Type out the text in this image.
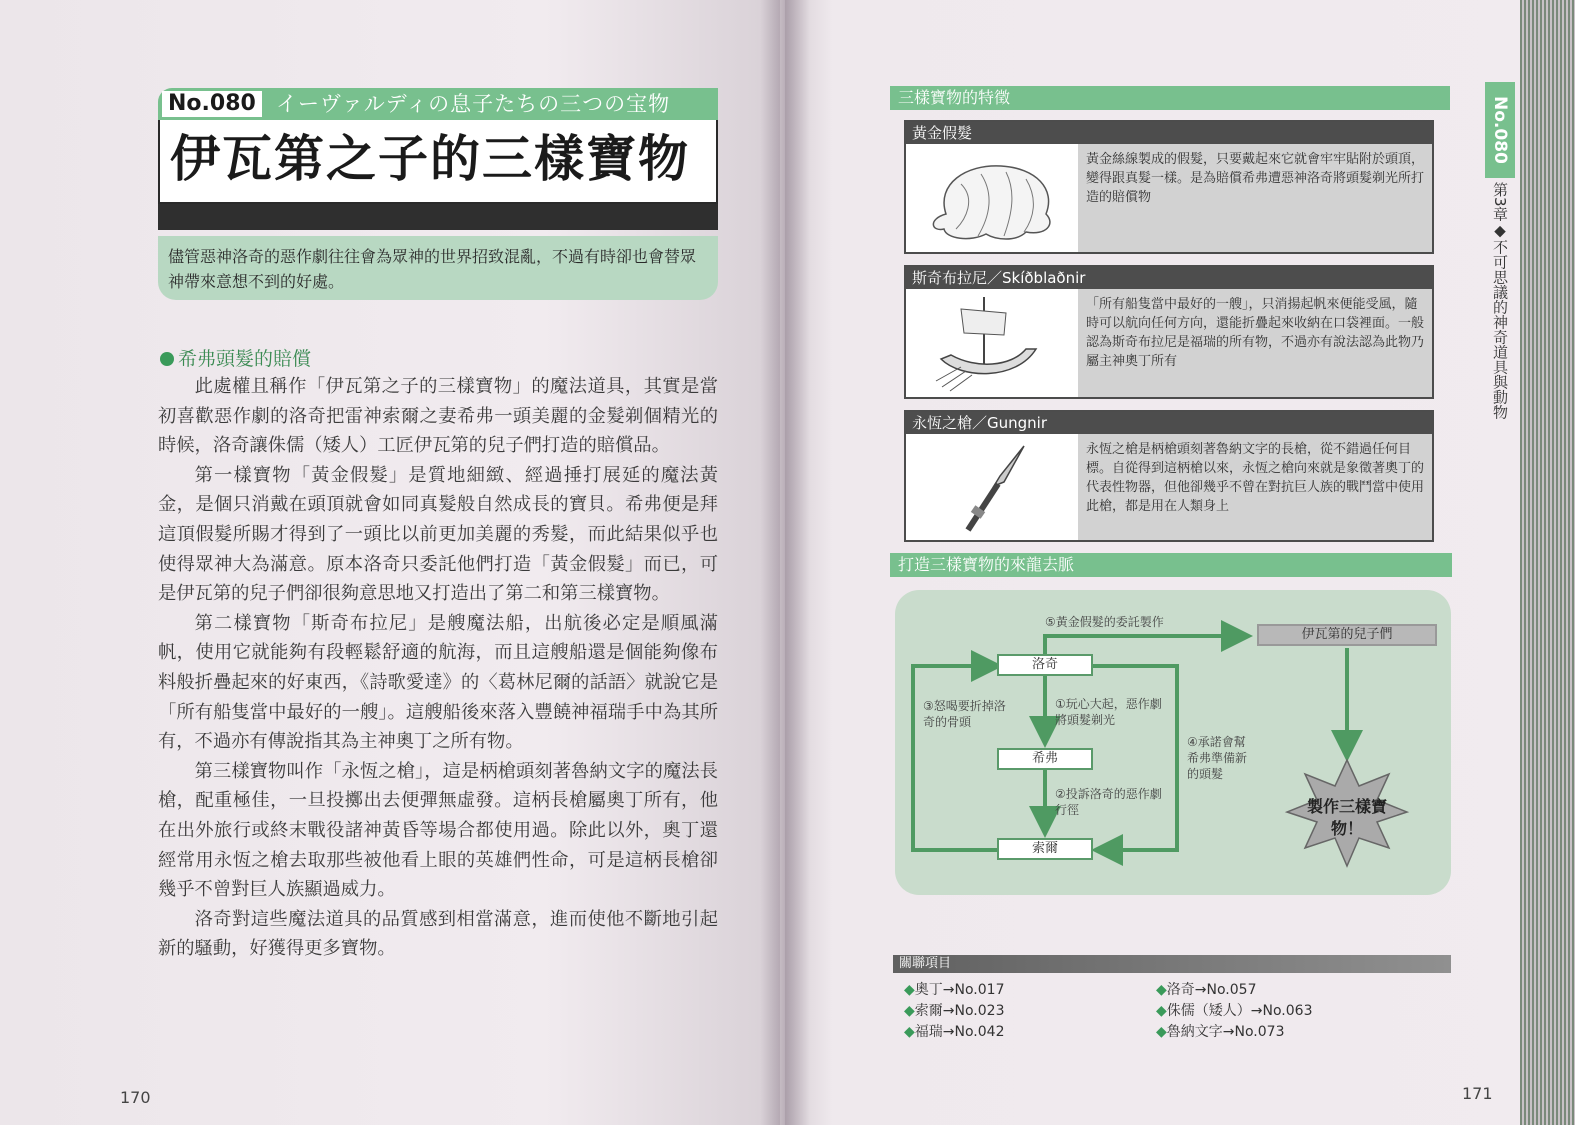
No.080 イーヴァルディの息子たちの三つの宝物
伊瓦第之子的三樣寶物

儘管惡神洛奇的惡作劇往往會為眾神的世界招致混亂，不過有時卻也會替眾神帶來意想不到的好處。

希弗頭髮的賠償

此處權且稱作「伊瓦第之子的三樣寶物」的魔法道具，其實是當初喜歡惡作劇的洛奇把雷神索爾之妻希弗一頭美麗的金髮剃個精光的時候，洛奇讓侏儒（矮人）工匠伊瓦第的兒子們打造的賠償品。

第一樣寶物「黃金假髮」是質地細緻、經過捶打展延的魔法黃金，是個只消戴在頭頂就會如同真髮般自然成長的寶貝。希弗便是拜這頂假髮所賜才得到了一頭比以前更加美麗的秀髮，而此結果似乎也使得眾神大為滿意。原本洛奇只委託他們打造「黃金假髮」而已，可是伊瓦第的兒子們卻很夠意思地又打造出了第二和第三樣寶物。

第二樣寶物「斯奇布拉尼」是艘魔法船，出航後必定是順風滿帆，使用它就能夠有段輕鬆舒適的航海，而且這艘船還是個能夠像布料般折疊起來的好東西，《詩歌愛達》的〈葛林尼爾的話語〉就說它是「所有船隻當中最好的一艘」。這艘船後來落入豐饒神福瑞手中為其所有，不過亦有傳說指其為主神奧丁之所有物。

第三樣寶物叫作「永恆之槍」，這是柄槍頭刻著魯納文字的魔法長槍，配重極佳，一旦投擲出去便彈無虛發。這柄長槍屬奧丁所有，他在出外旅行或終末戰役諸神黃昏等場合都使用過。除此以外，奧丁還經常用永恆之槍去取那些被他看上眼的英雄們性命，可是這柄長槍卻幾乎不曾對巨人族顯過威力。

洛奇對這些魔法道具的品質感到相當滿意，進而使他不斷地引起新的騷動，好獲得更多寶物。

170
三樣寶物的特徵
黃金假髮
黃金絲線製成的假髮，只要戴起來它就會牢牢貼附於頭頂，變得跟真髮一樣。是為賠償希弗遭惡神洛奇將頭髮剃光所打造的賠償物
斯奇布拉尼／Skíðblaðnir
「所有船隻當中最好的一艘」，只消揚起帆來便能受風，隨時可以航向任何方向，還能折疊起來收納在口袋裡面。一般認為斯奇布拉尼是福瑞的所有物，不過亦有說法認為此物乃屬主神奧丁所有
永恆之槍／Gungnir
永恆之槍是柄槍頭刻著魯納文字的長槍，從不錯過任何目標。自從得到這柄槍以來，永恆之槍向來就是象徵著奧丁的代表性物器，但他卻幾乎不曾在對抗巨人族的戰鬥當中使用此槍，都是用在人類身上
打造三樣寶物的來龍去脈
洛奇
希弗
索爾
伊瓦第的兒子們
①玩心大起，惡作劇將頭髮剃光
②投訴洛奇的惡作劇行徑
③怒喝要折掉洛奇的骨頭
④承諾會幫希弗準備新的頭髮
⑤黃金假髮的委託製作
製作三樣寶物！
關聯項目
◆奧丁→No.017
◆索爾→No.023
◆福瑞→No.042
◆洛奇→No.057
◆侏儒（矮人）→No.063
◆魯納文字→No.073
No.080
第3章◆不可思議的神奇道具與動物
171
